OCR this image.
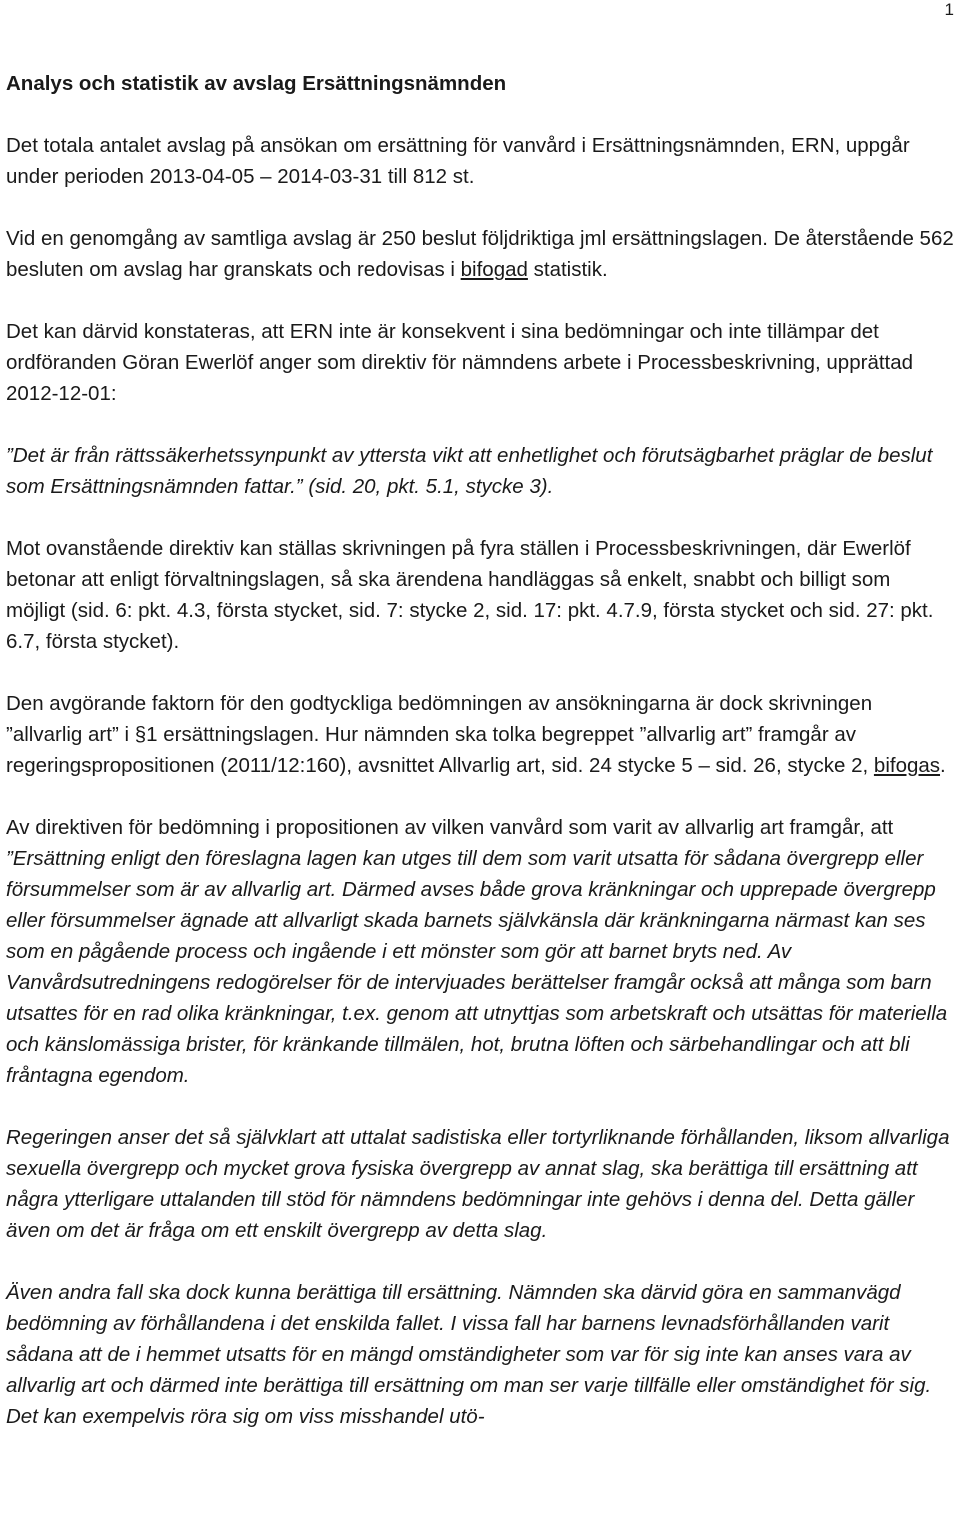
1

Analys och statistik av avslag Ersättningsnämnden

Det totala antalet avslag på ansökan om ersättning för vanvård i Ersättningsnämnden, ERN, uppgår under perioden 2013-04-05 – 2014-03-31 till 812 st.

Vid en genomgång av samtliga avslag är 250 beslut följdriktiga jml ersättningslagen. De återstående 562 besluten om avslag har granskats och redovisas i bifogad statistik.

Det kan därvid konstateras, att ERN inte är konsekvent i sina bedömningar och inte tillämpar det ordföranden Göran Ewerlöf anger som direktiv för nämndens arbete i Processbeskrivning, upprättad 2012-12-01:

”Det är från rättssäkerhetssynpunkt av yttersta vikt att enhetlighet och förutsägbarhet präglar de beslut som Ersättningsnämnden fattar.” (sid. 20, pkt. 5.1, stycke 3).

Mot ovanstående direktiv kan ställas skrivningen på fyra ställen i Processbeskrivningen, där Ewerlöf betonar att enligt förvaltningslagen, så ska ärendena handläggas så enkelt, snabbt och billigt som möjligt (sid. 6: pkt. 4.3, första stycket, sid. 7: stycke 2, sid. 17: pkt. 4.7.9, första stycket och sid. 27: pkt. 6.7, första stycket).

Den avgörande faktorn för den godtyckliga bedömningen av ansökningarna är dock skrivningen ”allvarlig art” i §1 ersättningslagen. Hur nämnden ska tolka begreppet ”allvarlig art” framgår av regeringspropositionen (2011/12:160), avsnittet Allvarlig art, sid. 24 stycke 5 – sid. 26, stycke 2, bifogas.

Av direktiven för bedömning i propositionen av vilken vanvård som varit av allvarlig art framgår, att ”Ersättning enligt den föreslagna lagen kan utges till dem som varit utsatta för sådana övergrepp eller försummelser som är av allvarlig art. Därmed avses både grova kränkningar och upprepade övergrepp eller försummelser ägnade att allvarligt skada barnets självkänsla där kränkningarna närmast kan ses som en pågående process och ingående i ett mönster som gör att barnet bryts ned. Av Vanvårdsutredningens redogörelser för de intervjuades berättelser framgår också att många som barn utsattes för en rad olika kränkningar, t.ex. genom att utnyttjas som arbetskraft och utsättas för materiella och känslomässiga brister, för kränkande tillmälen, hot, brutna löften och särbehandlingar och att bli fråntagna egendom.

Regeringen anser det så självklart att uttalat sadistiska eller tortyrliknande förhållanden, liksom allvarliga sexuella övergrepp och mycket grova fysiska övergrepp av annat slag, ska berättiga till ersättning att några ytterligare uttalanden till stöd för nämndens bedömningar inte gehövs i denna del. Detta gäller även om det är fråga om ett enskilt övergrepp av detta slag.

Även andra fall ska dock kunna berättiga till ersättning. Nämnden ska därvid göra en sammanvägd bedömning av förhållandena i det enskilda fallet. I vissa fall har barnens levnadsförhållanden varit sådana att de i hemmet utsatts för en mängd omständigheter som var för sig inte kan anses vara av allvarlig art och därmed inte berättiga till ersättning om man ser varje tillfälle eller omständighet för sig. Det kan exempelvis röra sig om viss misshandel utö-
